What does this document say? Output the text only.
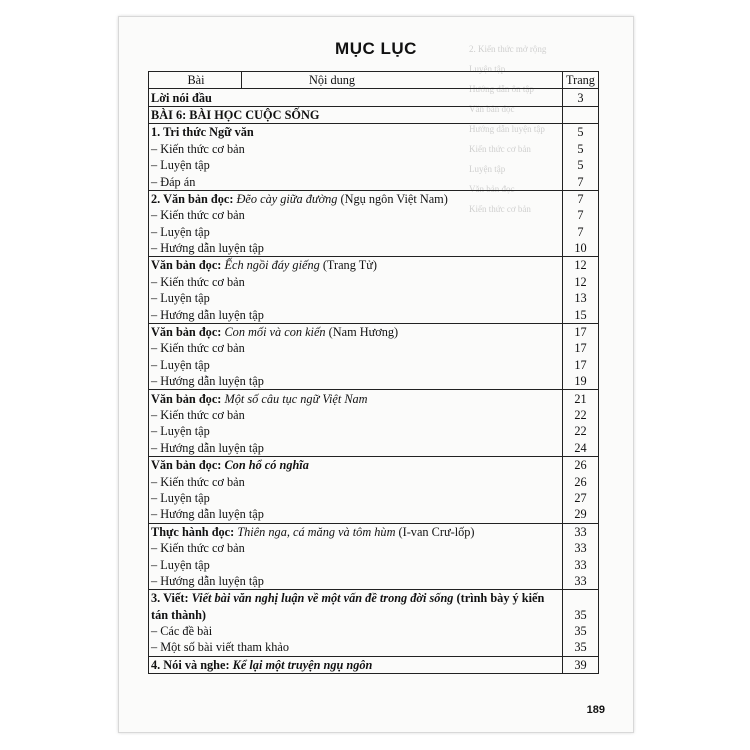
2. Kiến thức mở rộng
Luyện tập
Hướng dẫn ôn tập
Văn bản đọc
Hướng dẫn luyện tập
Kiến thức cơ bản
Luyện tập
Văn bản đọc
Kiến thức cơ bản
MỤC LỤC
Bài Nội dung	Trang
Lời nói đầu	3
BÀI 6: BÀI HỌC CUỘC SỐNG	
1. Tri thức Ngữ văn	5
– Kiến thức cơ bản	5
– Luyện tập	5
– Đáp án	7
2. Văn bản đọc: Đẽo cày giữa đường (Ngụ ngôn Việt Nam)	7
– Kiến thức cơ bản	7
– Luyện tập	7
– Hướng dẫn luyện tập	10
Văn bản đọc: Ếch ngồi đáy giếng (Trang Tử)	12
– Kiến thức cơ bản	12
– Luyện tập	13
– Hướng dẫn luyện tập	15
Văn bản đọc: Con mối và con kiến (Nam Hương)	17
– Kiến thức cơ bản	17
– Luyện tập	17
– Hướng dẫn luyện tập	19
Văn bản đọc: Một số câu tục ngữ Việt Nam	21
– Kiến thức cơ bản	22
– Luyện tập	22
– Hướng dẫn luyện tập	24
Văn bản đọc: Con hổ có nghĩa	26
– Kiến thức cơ bản	26
– Luyện tập	27
– Hướng dẫn luyện tập	29
Thực hành đọc: Thiên nga, cá măng và tôm hùm (I-van Crư-lốp)	33
– Kiến thức cơ bản	33
– Luyện tập	33
– Hướng dẫn luyện tập	33
3. Viết: Viết bài văn nghị luận về một vấn đề trong đời sống (trình bày ý kiến	
tán thành)	35
– Các đề bài	35
– Một số bài viết tham khảo	35
4. Nói và nghe: Kể lại một truyện ngụ ngôn	39
189
